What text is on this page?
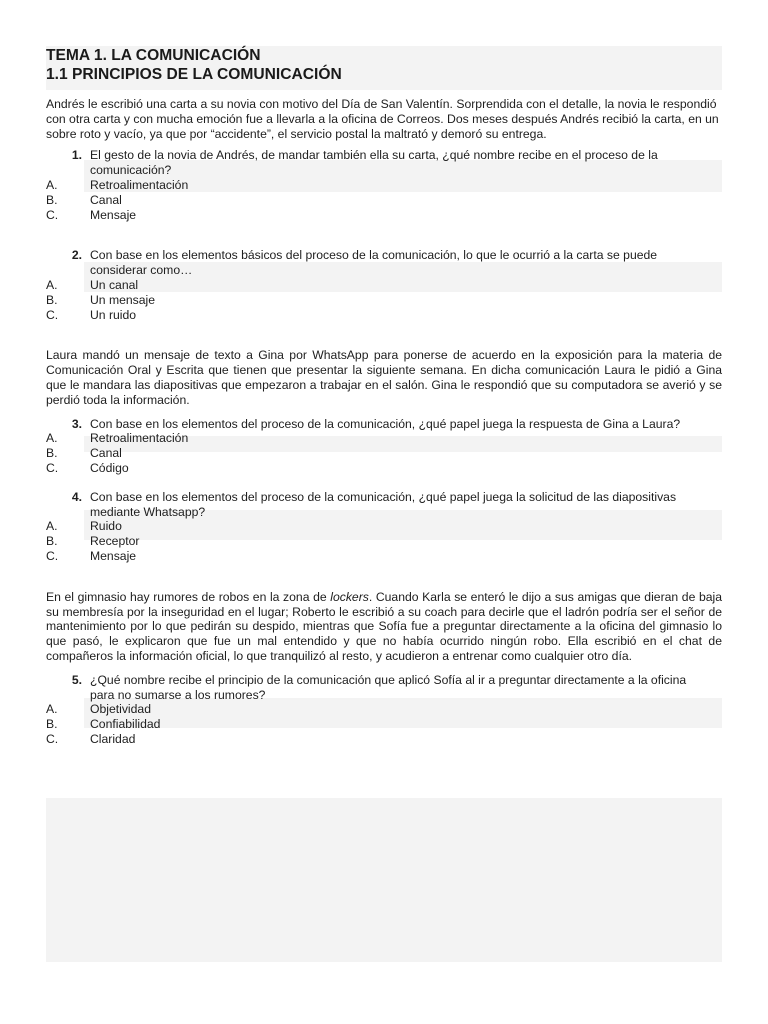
TEMA 1. LA COMUNICACIÓN
1.1 PRINCIPIOS DE LA COMUNICACIÓN

Andrés le escribió una carta a su novia con motivo del Día de San Valentín. Sorprendida con el detalle, la novia le respondió con otra carta y con mucha emoción fue a llevarla a la oficina de Correos. Dos meses después Andrés recibió la carta, en un sobre roto y vacío, ya que por “accidente”, el servicio postal la maltrató y demoró su entrega.

1. El gesto de la novia de Andrés, de mandar también ella su carta, ¿qué nombre recibe en el proceso de la comunicación?
A.	Retroalimentación
B.	Canal
C.	Mensaje
2. Con base en los elementos básicos del proceso de la comunicación, lo que le ocurrió a la carta se puede considerar como…
A.	Un canal
B.	Un mensaje
C.	Un ruido

Laura mandó un mensaje de texto a Gina por WhatsApp para ponerse de acuerdo en la exposición para la materia de Comunicación Oral y Escrita que tienen que presentar la siguiente semana. En dicha comunicación Laura le pidió a Gina que le mandara las diapositivas que empezaron a trabajar en el salón. Gina le respondió que su computadora se averió y se perdió toda la información.

3. Con base en los elementos del proceso de la comunicación, ¿qué papel juega la respuesta de Gina a Laura?
A.	Retroalimentación
B.	Canal
C.	Código
4. Con base en los elementos del proceso de la comunicación, ¿qué papel juega la solicitud de las diapositivas mediante Whatsapp?
A.	Ruido
B.	Receptor
C.	Mensaje

En el gimnasio hay rumores de robos en la zona de lockers. Cuando Karla se enteró le dijo a sus amigas que dieran de baja su membresía por la inseguridad en el lugar; Roberto le escribió a su coach para decirle que el ladrón podría ser el señor de mantenimiento por lo que pedirán su despido, mientras que Sofía fue a preguntar directamente a la oficina del gimnasio lo que pasó, le explicaron que fue un mal entendido y que no había ocurrido ningún robo. Ella escribió en el chat de compañeros la información oficial, lo que tranquilizó al resto, y acudieron a entrenar como cualquier otro día.

5. ¿Qué nombre recibe el principio de la comunicación que aplicó Sofía al ir a preguntar directamente a la oficina para no sumarse a los rumores?
A.	Objetividad
B.	Confiabilidad
C.	Claridad
